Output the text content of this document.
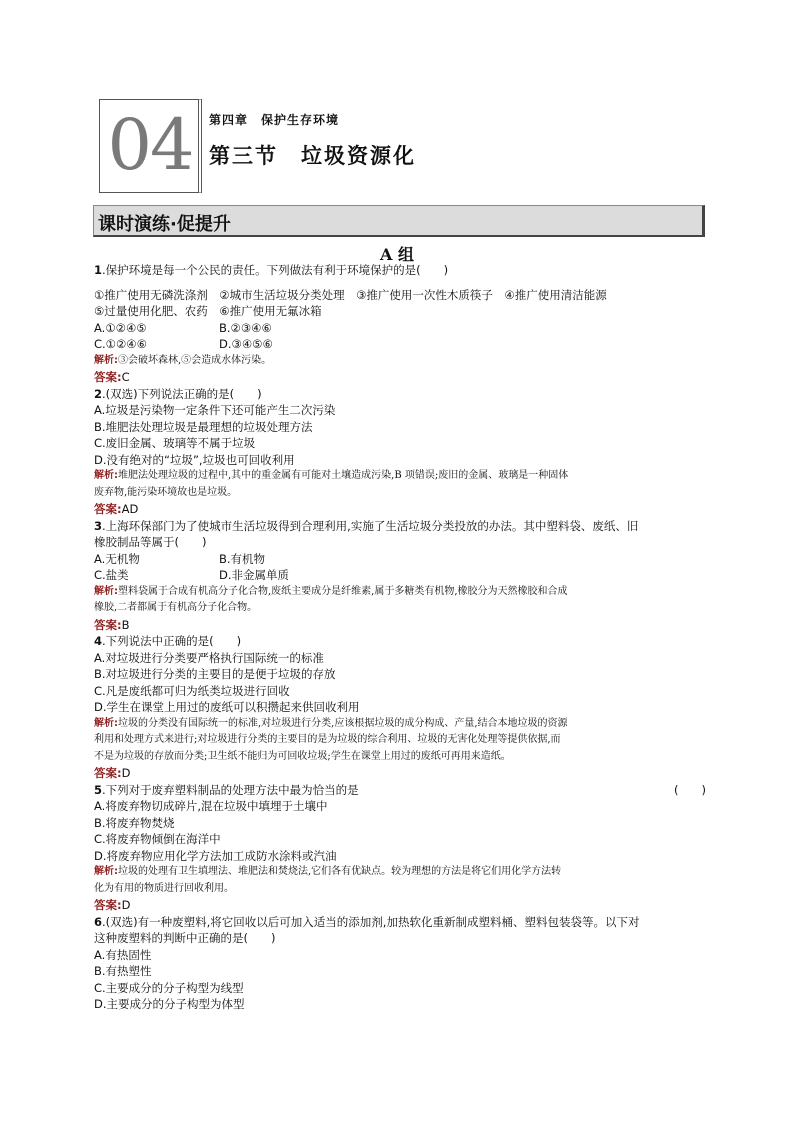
04 第四章　保护生存环境
第三节　垃圾资源化
课时演练·促提升
A 组
1.保护环境是每一个公民的责任。下列做法有利于环境保护的是(　　)
①推广使用无磷洗涤剂　②城市生活垃圾分类处理　③推广使用一次性木质筷子　④推广使用清洁能源
⑤过量使用化肥、农药　⑥推广使用无氟冰箱
A.①②④⑤	B.②③④⑥
C.①②④⑥	D.③④⑤⑥
解析:③会破坏森林,⑤会造成水体污染。
答案:C
2.(双选)下列说法正确的是(　　)
A.垃圾是污染物一定条件下还可能产生二次污染
B.堆肥法处理垃圾是最理想的垃圾处理方法
C.废旧金属、玻璃等不属于垃圾
D.没有绝对的“垃圾”,垃圾也可回收利用
解析:堆肥法处理垃圾的过程中,其中的重金属有可能对土壤造成污染,B 项错误;废旧的金属、玻璃是一种固体
废弃物,能污染环境故也是垃圾。
答案:AD
3.上海环保部门为了使城市生活垃圾得到合理利用,实施了生活垃圾分类投放的办法。其中塑料袋、废纸、旧
橡胶制品等属于(　　)
A.无机物	B.有机物
C.盐类	D.非金属单质
解析:塑料袋属于合成有机高分子化合物,废纸主要成分是纤维素,属于多糖类有机物,橡胶分为天然橡胶和合成
橡胶,二者都属于有机高分子化合物。
答案:B
4.下列说法中正确的是(　　)
A.对垃圾进行分类要严格执行国际统一的标准
B.对垃圾进行分类的主要目的是便于垃圾的存放
C.凡是废纸都可归为纸类垃圾进行回收
D.学生在课堂上用过的废纸可以积攒起来供回收利用
解析:垃圾的分类没有国际统一的标准,对垃圾进行分类,应该根据垃圾的成分构成、产量,结合本地垃圾的资源
利用和处理方式来进行;对垃圾进行分类的主要目的是为垃圾的综合利用、垃圾的无害化处理等提供依据,而
不是为垃圾的存放而分类;卫生纸不能归为可回收垃圾;学生在课堂上用过的废纸可再用来造纸。
答案:D
5.下列对于废弃塑料制品的处理方法中最为恰当的是	(　　)
A.将废弃物切成碎片,混在垃圾中填埋于土壤中
B.将废弃物焚烧
C.将废弃物倾倒在海洋中
D.将废弃物应用化学方法加工成防水涂料或汽油
解析:垃圾的处理有卫生填埋法、堆肥法和焚烧法,它们各有优缺点。较为理想的方法是将它们用化学方法转
化为有用的物质进行回收利用。
答案:D
6.(双选)有一种废塑料,将它回收以后可加入适当的添加剂,加热软化重新制成塑料桶、塑料包装袋等。以下对
这种废塑料的判断中正确的是(　　)
A.有热固性
B.有热塑性
C.主要成分的分子构型为线型
D.主要成分的分子构型为体型
